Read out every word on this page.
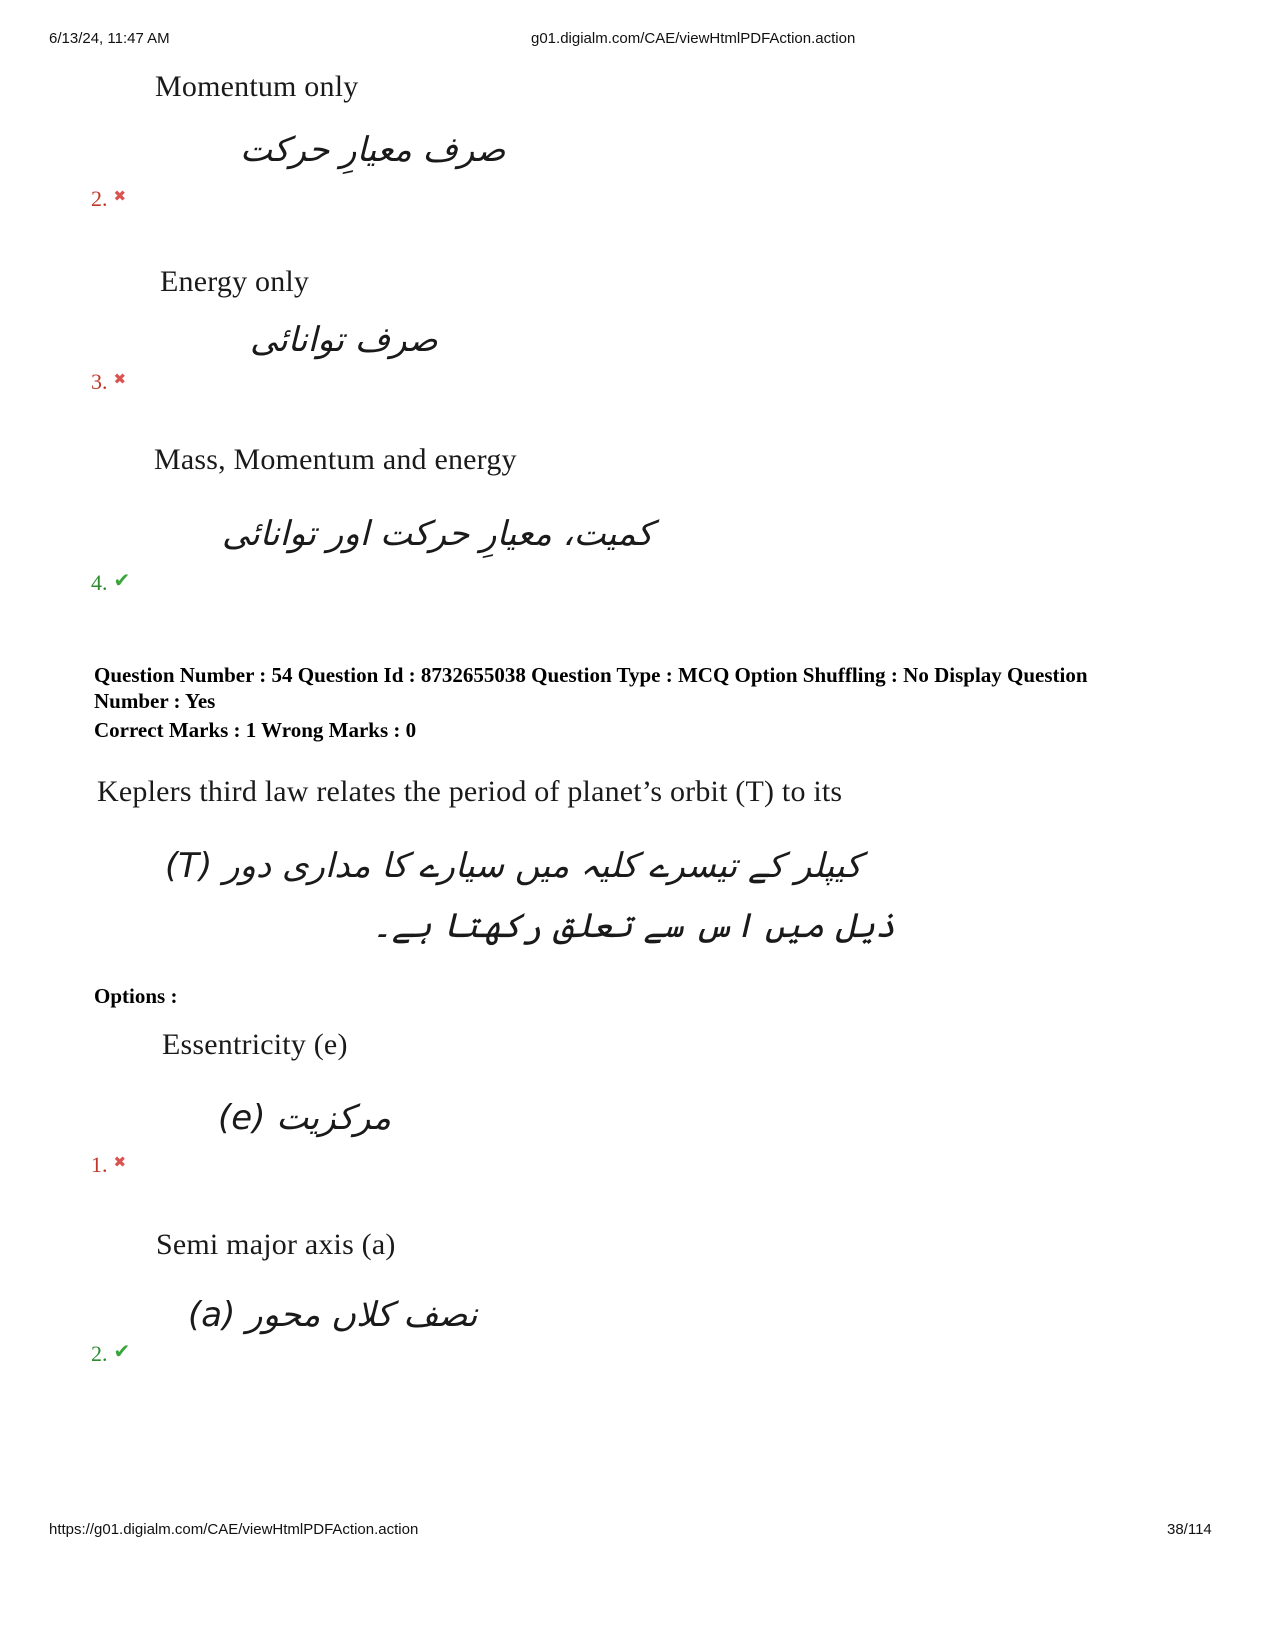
6/13/24, 11:47 AM	g01.digialm.com/CAE/viewHtmlPDFAction.action
Momentum only
صرف معیارِ حرکت
2. ✖
Energy only
صرف توانائی
3. ✖
Mass, Momentum and energy
کمیت، معیارِ حرکت اور توانائی
4. ✔
Question Number : 54 Question Id : 8732655038 Question Type : MCQ Option Shuffling : No Display Question
Number : Yes
Correct Marks : 1 Wrong Marks : 0
Keplers third law relates the period of planet’s orbit (T) to its
کیپلر کے تیسرے کلیہ میں سیارے کا مداری دور (T)
ذیل میں اس سے تعلق رکھتا ہے۔
Options :
Essentricity (e)
مرکزیت (e)
1. ✖
Semi major axis (a)
نصف کلاں محور (a)
2. ✔
https://g01.digialm.com/CAE/viewHtmlPDFAction.action	38/114
